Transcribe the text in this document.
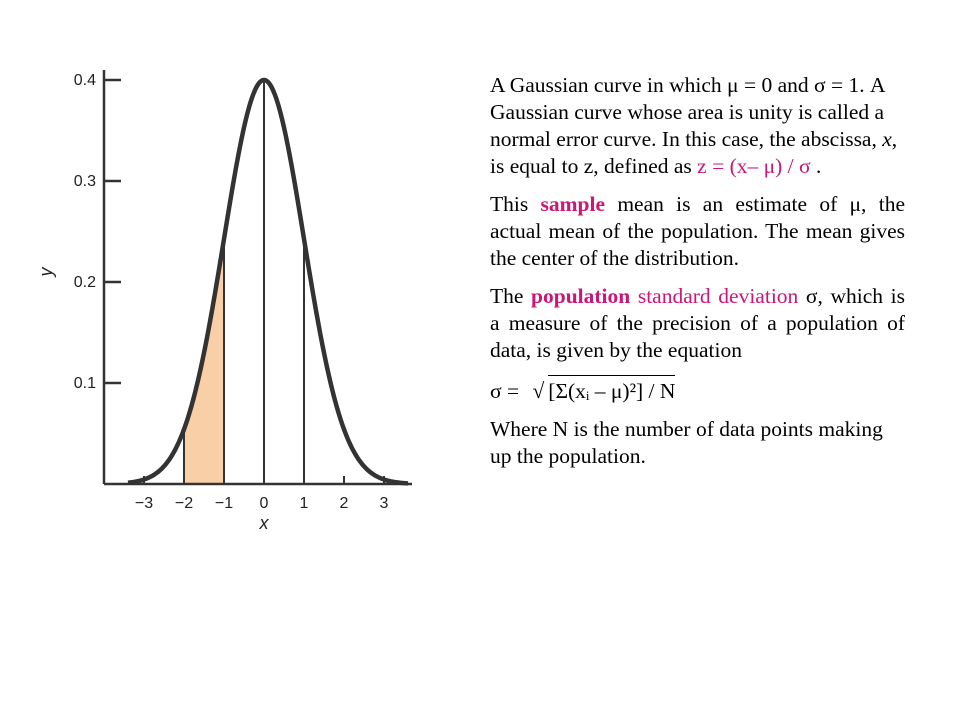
−3 −2 −1 0 1 2 3
0.1
0.2
0.3
0.4
x
y

A Gaussian curve in which μ = 0 and σ = 1. A Gaussian curve whose area is unity is called a normal error curve. In this case, the abscissa, x, is equal to z, defined as z = (x– μ) / σ .

This sample mean is an estimate of μ, the actual mean of the population. The mean gives the center of the distribution.

The population standard deviation σ, which is a measure of the precision of a population of data, is given by the equation

σ = √ [Σ(xᵢ – μ)²] / N

Where N is the number of data points making up the population.
